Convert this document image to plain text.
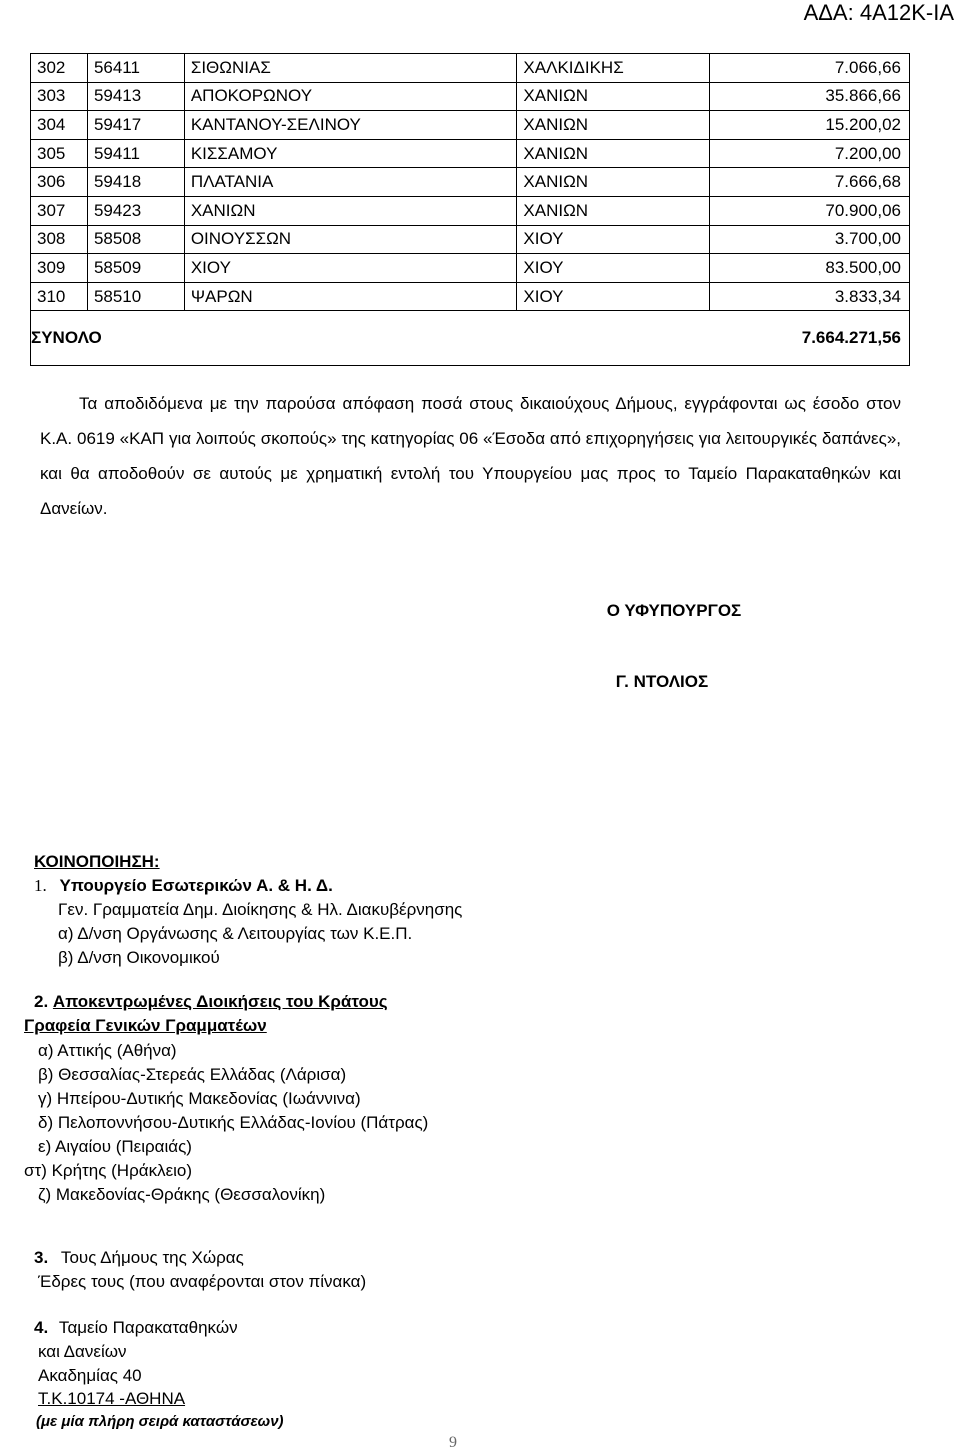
ΑΔΑ: 4Α12Κ-ΙΑ
302	56411	ΣΙΘΩΝΙΑΣ	ΧΑΛΚΙΔΙΚΗΣ	7.066,66
303	59413	ΑΠΟΚΟΡΩΝΟΥ	ΧΑΝΙΩΝ	35.866,66
304	59417	ΚΑΝΤΑΝΟΥ-ΣΕΛΙΝΟΥ	ΧΑΝΙΩΝ	15.200,02
305	59411	ΚΙΣΣΑΜΟΥ	ΧΑΝΙΩΝ	7.200,00
306	59418	ΠΛΑΤΑΝΙΑ	ΧΑΝΙΩΝ	7.666,68
307	59423	ΧΑΝΙΩΝ	ΧΑΝΙΩΝ	70.900,06
308	58508	ΟΙΝΟΥΣΣΩΝ	ΧΙΟΥ	3.700,00
309	58509	ΧΙΟΥ	ΧΙΟΥ	83.500,00
310	58510	ΨΑΡΩΝ	ΧΙΟΥ	3.833,34
ΣΥΝΟΛΟ				7.664.271,56

Τα αποδιδόμενα με την παρούσα απόφαση ποσά στους δικαιούχους Δήμους, εγγράφονται ως έσοδο στον Κ.Α. 0619 «ΚΑΠ για λοιπούς σκοπούς» της κατηγορίας 06 «Έσοδα από επιχορηγήσεις για λειτουργικές δαπάνες», και θα αποδοθούν σε αυτούς με χρηματική εντολή του Υπουργείου μας προς το Ταμείο Παρακαταθηκών και Δανείων.

Ο ΥΦΥΠΟΥΡΓΟΣ
Γ. ΝΤΟΛΙΟΣ
ΚΟΙΝΟΠΟΙΗΣΗ:
1. Υπουργείο Εσωτερικών Α. & Η. Δ.
Γεν. Γραμματεία Δημ. Διοίκησης & Ηλ. Διακυβέρνησης
α) Δ/νση Οργάνωσης & Λειτουργίας των Κ.Ε.Π.
β) Δ/νση Οικονομικού
2. Αποκεντρωμένες Διοικήσεις του Κράτους
Γραφεία Γενικών Γραμματέων
α) Αττικής (Αθήνα)
β) Θεσσαλίας-Στερεάς Ελλάδας (Λάρισα)
γ) Ηπείρου-Δυτικής Μακεδονίας (Ιωάννινα)
δ) Πελοποννήσου-Δυτικής Ελλάδας-Ιονίου (Πάτρας)
ε) Αιγαίου (Πειραιάς)
στ) Κρήτης (Ηράκλειο)
ζ) Μακεδονίας-Θράκης (Θεσσαλονίκη)
3. Τους Δήμους της Χώρας
Έδρες τους (που αναφέρονται στον πίνακα)
4. Ταμείο Παρακαταθηκών
και Δανείων
Ακαδημίας 40
Τ.Κ.10174 -ΑΘΗΝΑ
(με μία πλήρη σειρά καταστάσεων)
9
